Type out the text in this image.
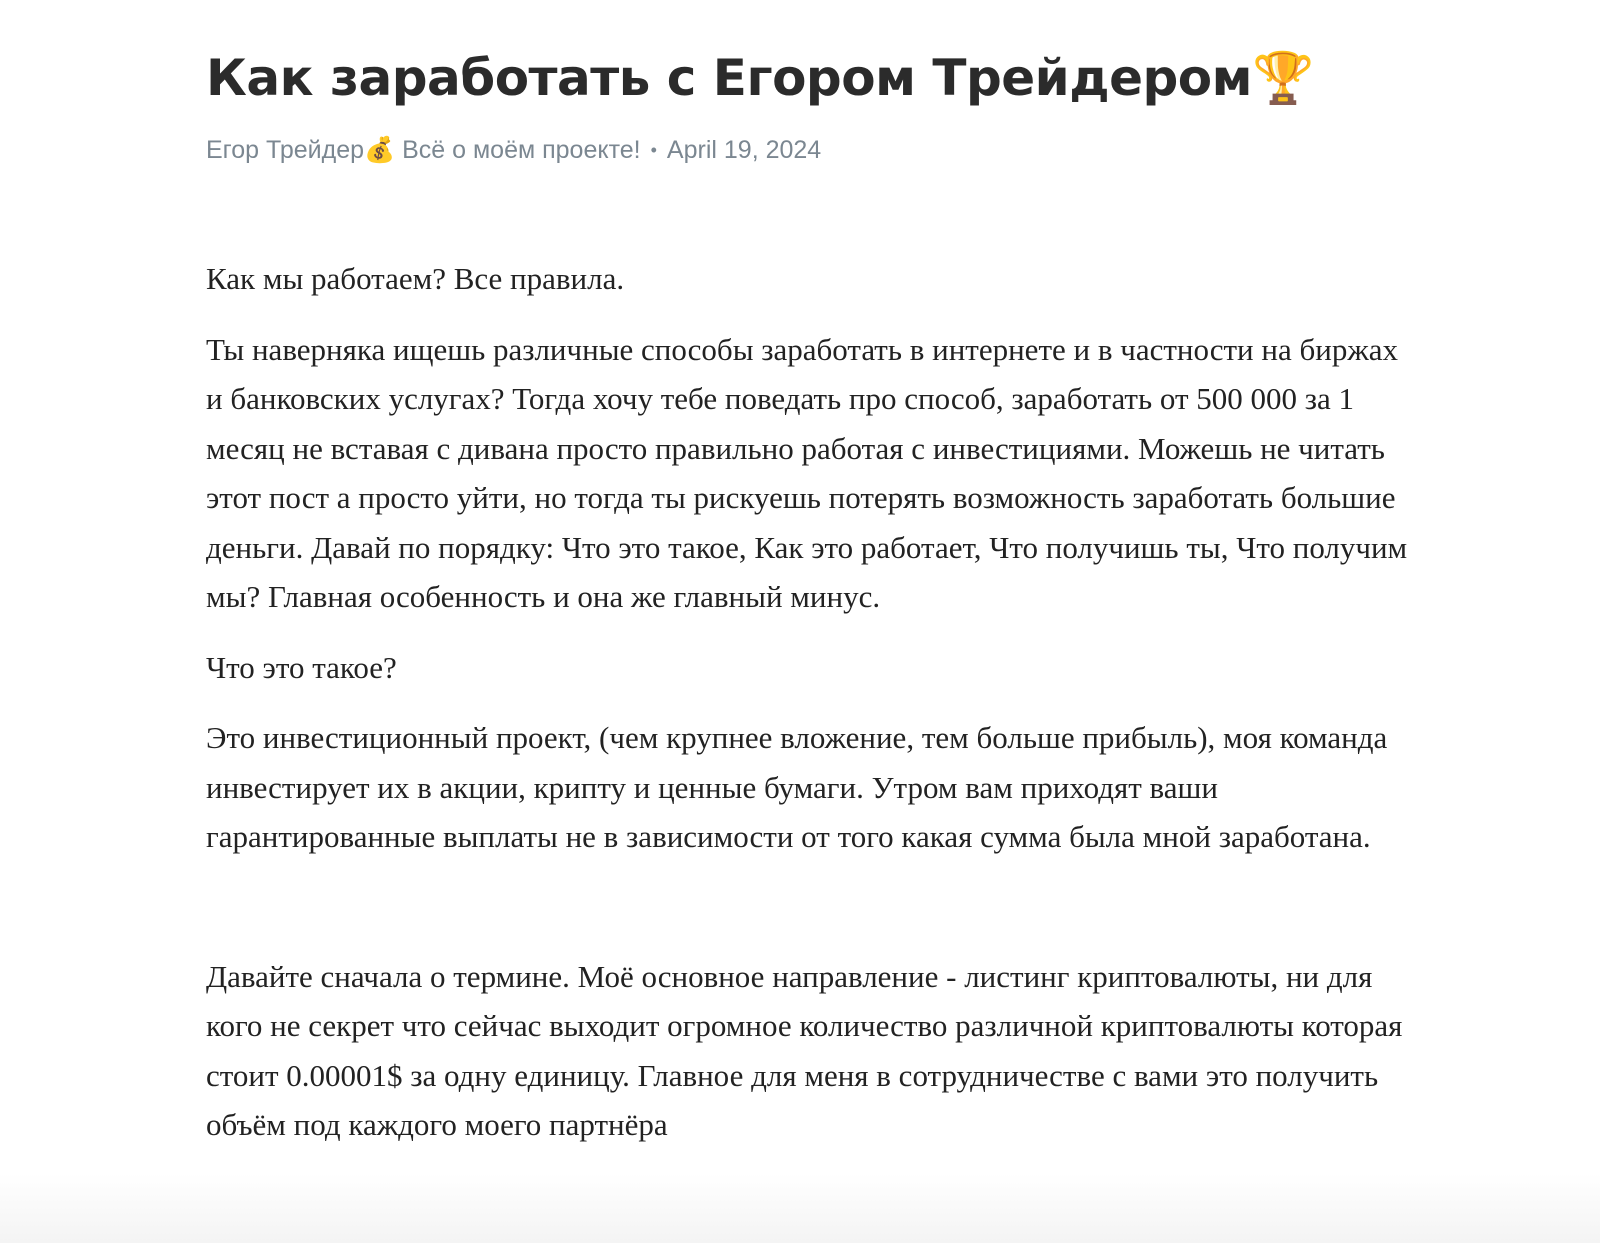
Как заработать с Егором Трейдером🏆
Егор Трейдер💰 Всё о моём проекте! • April 19, 2024

Как мы работаем? Все правила.

Ты наверняка ищешь различные способы заработать в интернете и в частности на биржах и банковских услугах? Тогда хочу тебе поведать про способ, заработать от 500 000 за 1 месяц не вставая с дивана просто правильно работая с инвестициями. Можешь не читать этот пост а просто уйти, но тогда ты рискуешь потерять возможность заработать большие деньги. Давай по порядку: Что это такое, Как это работает, Что получишь ты, Что получим мы? Главная особенность и она же главный минус.

Что это такое?

Это инвестиционный проект, (чем крупнее вложение, тем больше прибыль), моя команда инвестирует их в акции, крипту и ценные бумаги. Утром вам приходят ваши гарантированные выплаты не в зависимости от того какая сумма была мной заработана.

Давайте сначала о термине. Моё основное направление - листинг криптовалюты, ни для кого не секрет что сейчас выходит огромное количество различной криптовалюты которая стоит 0.00001$ за одну единицу. Главное для меня в сотрудничестве с вами это получить объём под каждого моего партнёра
